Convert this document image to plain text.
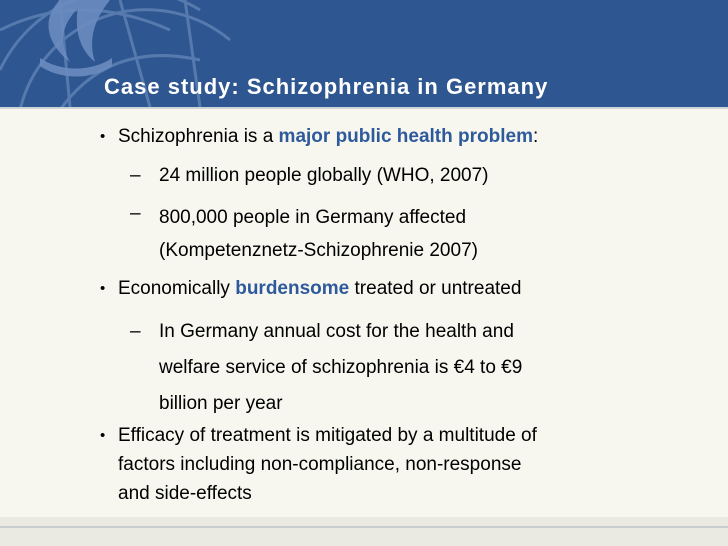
Case study: Schizophrenia in Germany
• Schizophrenia is a major public health problem:
– 24 million people globally (WHO, 2007)
– 800,000 people in Germany affected
(Kompetenznetz-Schizophrenie 2007)
• Economically burdensome treated or untreated
– In Germany annual cost for the health and
welfare service of schizophrenia is €4 to €9
billion per year
• Efficacy of treatment is mitigated by a multitude of
factors including non-compliance, non-response
and side-effects
